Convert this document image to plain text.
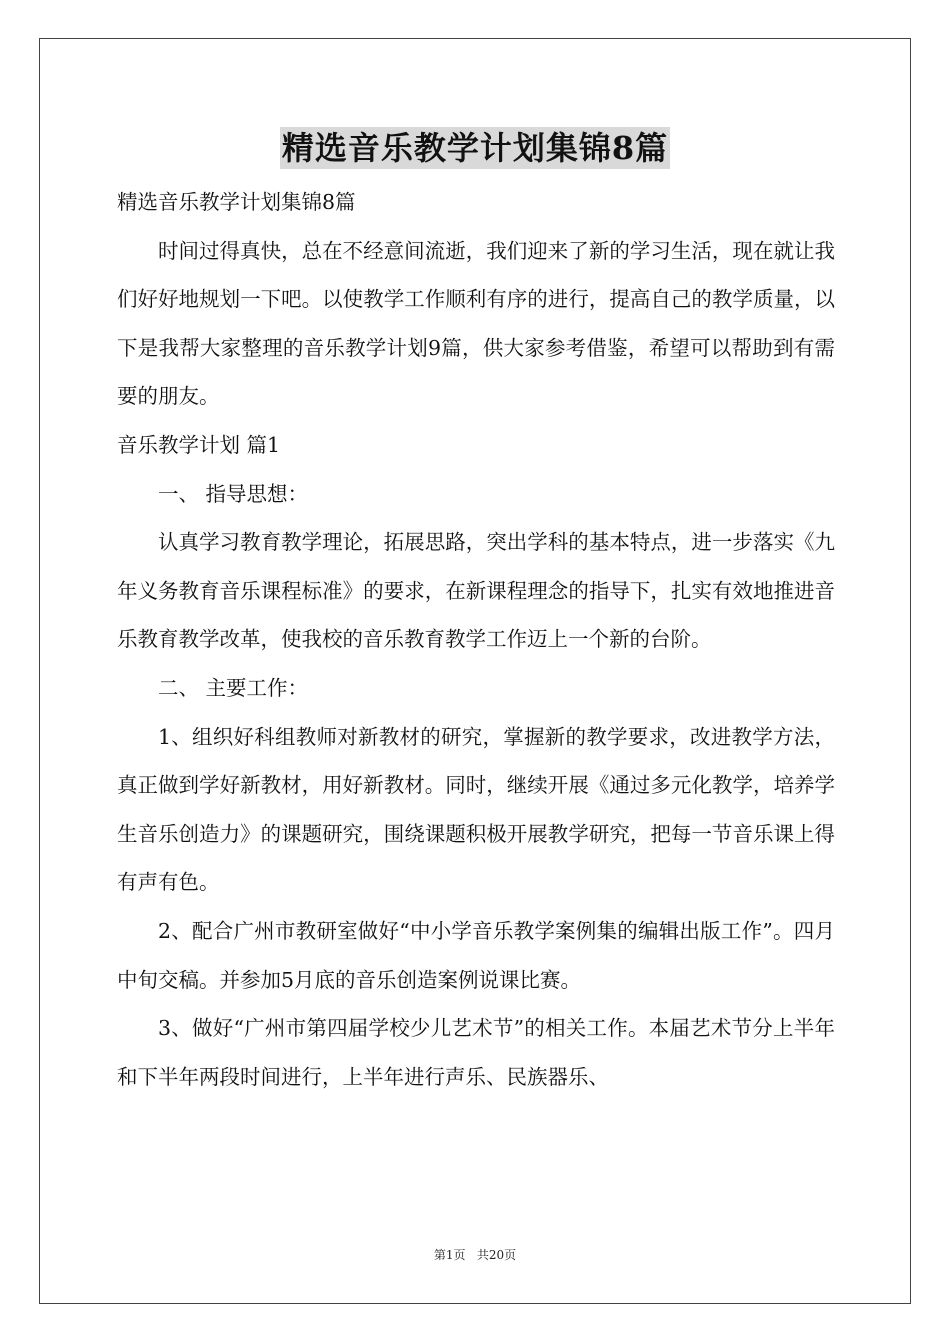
精选音乐教学计划集锦8篇

精选音乐教学计划集锦8篇

时间过得真快，总在不经意间流逝，我们迎来了新的学习生活，现在就让我们好好地规划一下吧。以使教学工作顺利有序的进行，提高自己的教学质量，以下是我帮大家整理的音乐教学计划9篇，供大家参考借鉴，希望可以帮助到有需要的朋友。

音乐教学计划 篇1

一、 指导思想：

认真学习教育教学理论，拓展思路，突出学科的基本特点，进一步落实《九年义务教育音乐课程标准》的要求，在新课程理念的指导下，扎实有效地推进音乐教育教学改革，使我校的音乐教育教学工作迈上一个新的台阶。

二、 主要工作：

1、组织好科组教师对新教材的研究，掌握新的教学要求，改进教学方法，真正做到学好新教材，用好新教材。同时，继续开展《通过多元化教学，培养学生音乐创造力》的课题研究，围绕课题积极开展教学研究，把每一节音乐课上得有声有色。

2、配合广州市教研室做好“中小学音乐教学案例集的编辑出版工作”。四月中旬交稿。并参加5月底的音乐创造案例说课比赛。

3、做好“广州市第四届学校少儿艺术节”的相关工作。本届艺术节分上半年和下半年两段时间进行，上半年进行声乐、民族器乐、

第1页 共20页
